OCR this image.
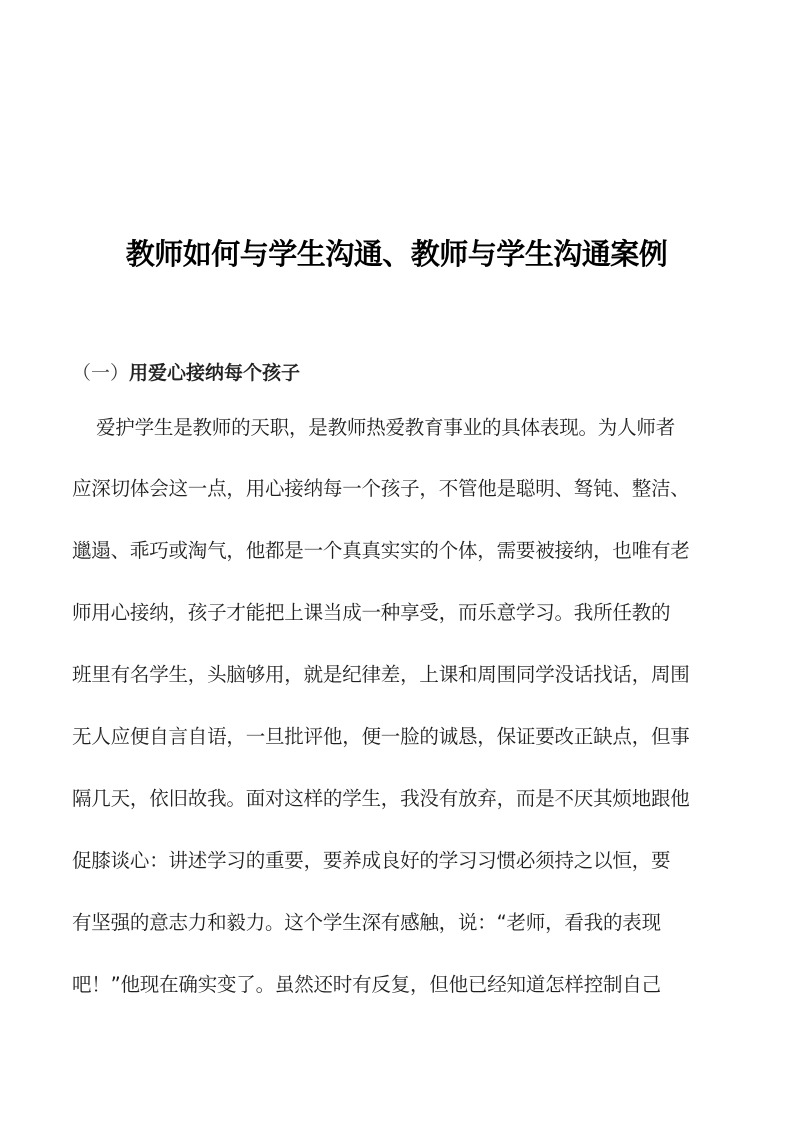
教师如何与学生沟通、教师与学生沟通案例
（一）用爱心接纳每个孩子

爱护学生是教师的天职，是教师热爱教育事业的具体表现。为人师者

应深切体会这一点，用心接纳每一个孩子，不管他是聪明、驽钝、整洁、

邋遢、乖巧或淘气，他都是一个真真实实的个体，需要被接纳，也唯有老

师用心接纳，孩子才能把上课当成一种享受，而乐意学习。我所任教的

班里有名学生，头脑够用，就是纪律差，上课和周围同学没话找话，周围

无人应便自言自语，一旦批评他，便一脸的诚恳，保证要改正缺点，但事

隔几天，依旧故我。面对这样的学生，我没有放弃，而是不厌其烦地跟他

促膝谈心：讲述学习的重要，要养成良好的学习习惯必须持之以恒，要

有坚强的意志力和毅力。这个学生深有感触，说：“老师，看我的表现

吧！”他现在确实变了。虽然还时有反复，但他已经知道怎样控制自己
